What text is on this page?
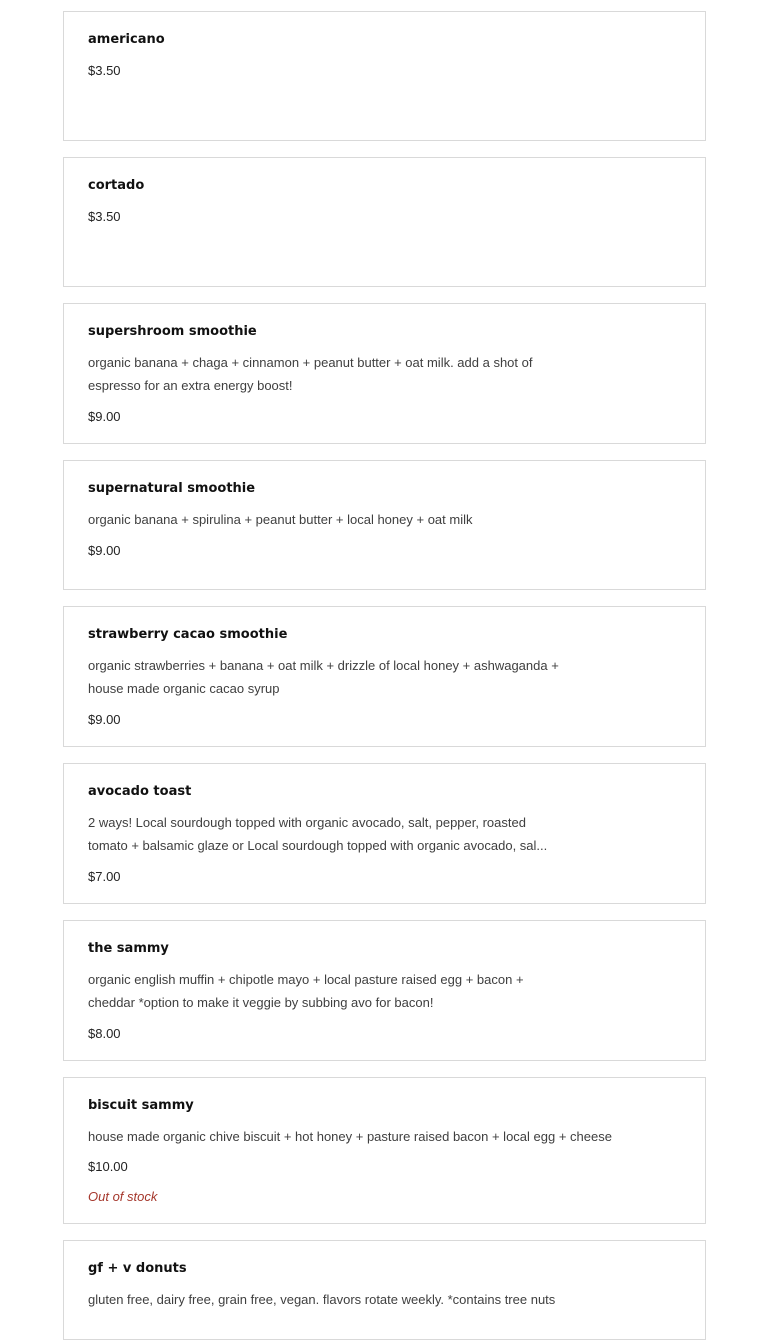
americano
$3.50
cortado
$3.50
supershroom smoothie
organic banana + chaga + cinnamon + peanut butter + oat milk. add a shot of espresso for an extra energy boost!
$9.00
supernatural smoothie
organic banana + spirulina + peanut butter + local honey + oat milk
$9.00
strawberry cacao smoothie
organic strawberries + banana + oat milk + drizzle of local honey + ashwaganda + house made organic cacao syrup
$9.00
avocado toast
2 ways! Local sourdough topped with organic avocado, salt, pepper, roasted tomato + balsamic glaze or Local sourdough topped with organic avocado, sal...
$7.00
the sammy
organic english muffin + chipotle mayo + local pasture raised egg + bacon + cheddar *option to make it veggie by subbing avo for bacon!
$8.00
biscuit sammy
house made organic chive biscuit + hot honey + pasture raised bacon + local egg + cheese
$10.00
Out of stock
gf + v donuts
gluten free, dairy free, grain free, vegan. flavors rotate weekly. *contains tree nuts
